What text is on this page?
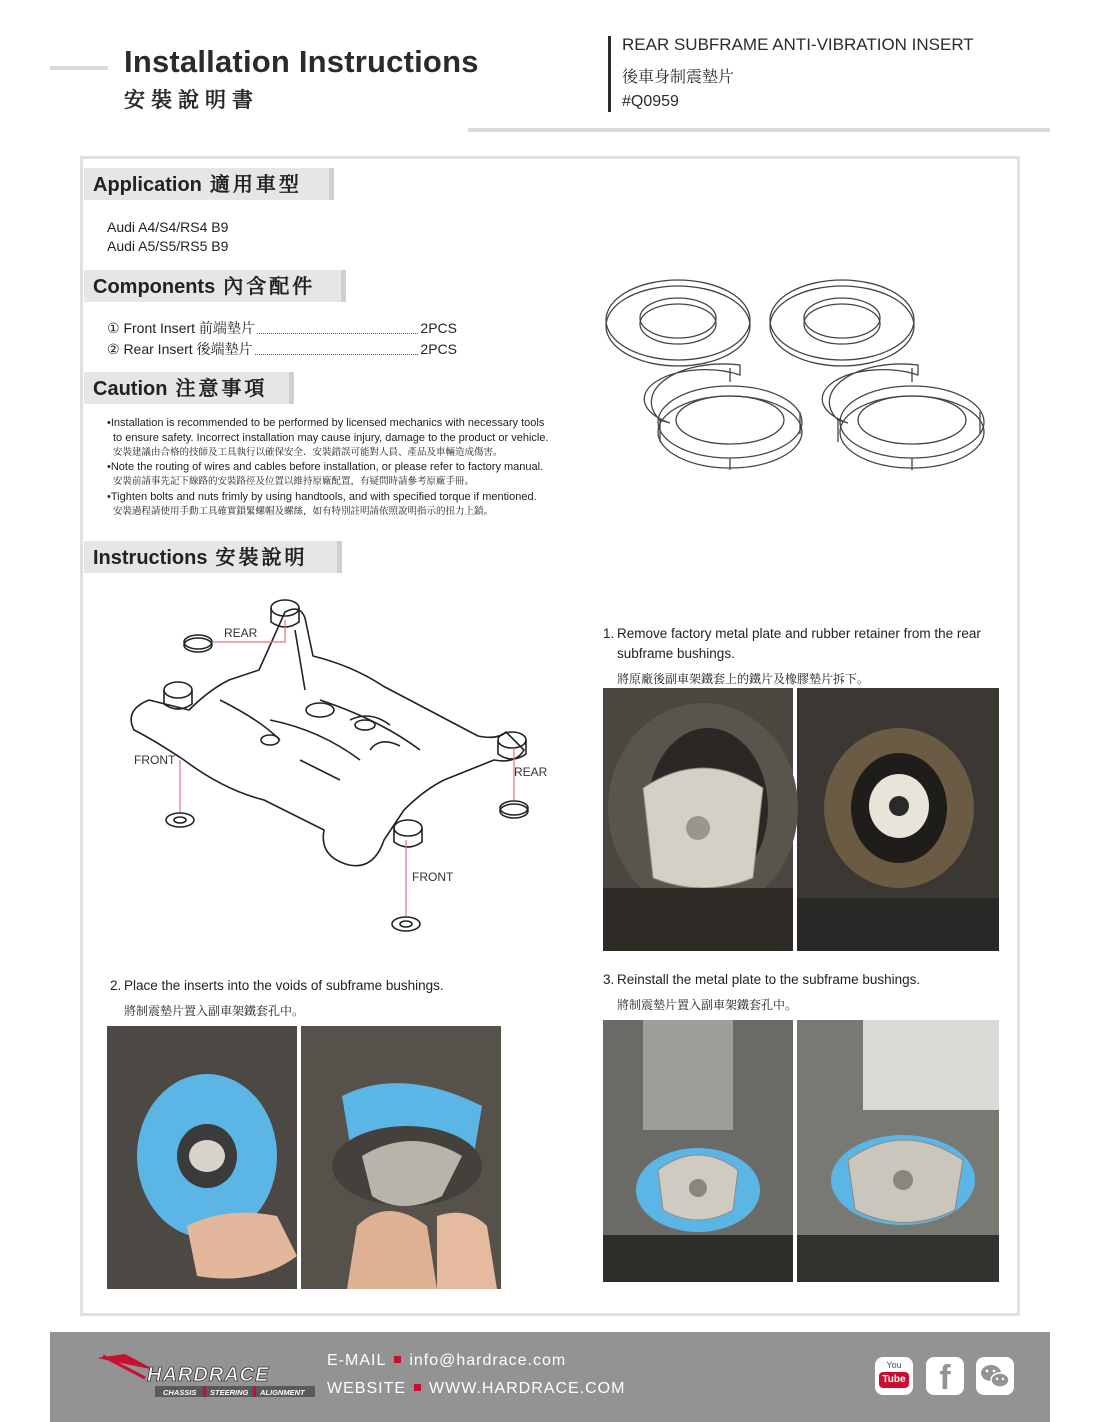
Installation Instructions
安裝說明書
REAR SUBFRAME ANTI-VIBRATION INSERT
後車身制震墊片
#Q0959
Application 適用車型
Audi A4/S4/RS4 B9
Audi A5/S5/RS5 B9
Components 內含配件
① Front Insert 前端墊片	2PCS
② Rear Insert 後端墊片	2PCS
Caution 注意事項
•Installation is recommended to be performed by licensed mechanics with necessary tools
to ensure safety. Incorrect installation may cause injury, damage to the product or vehicle.
安裝建議由合格的技師及工具執行以確保安全．安裝錯誤可能對人員、產品及車輛造成傷害。
•Note the routing of wires and cables before installation, or please refer to factory manual.
安裝前請事先記下線路的安裝路徑及位置以維持原廠配置，有疑問時請參考原廠手冊。
•Tighten bolts and nuts frimly by using handtools, and with specified torque if mentioned.
安裝過程請使用手動工具確實鎖緊螺帽及螺絲，如有特別註明請依照說明指示的扭力上鎖。
Instructions 安裝說明
REAR
FRONT
REAR
FRONT
1. Remove factory metal plate and rubber retainer from the rear subframe bushings.
將原廠後副車架鐵套上的鐵片及橡膠墊片拆下。
2. Place the inserts into the voids of subframe bushings.
將制震墊片置入副車架鐵套孔中。
3. Reinstall the metal plate to the subframe bushings.
將制震墊片置入副車架鐵套孔中。
HARDRACE
CHASSIS STEERING ALIGNMENT
E-MAIL info@hardrace.com
WEBSITE WWW.HARDRACE.COM
You
Tube f
